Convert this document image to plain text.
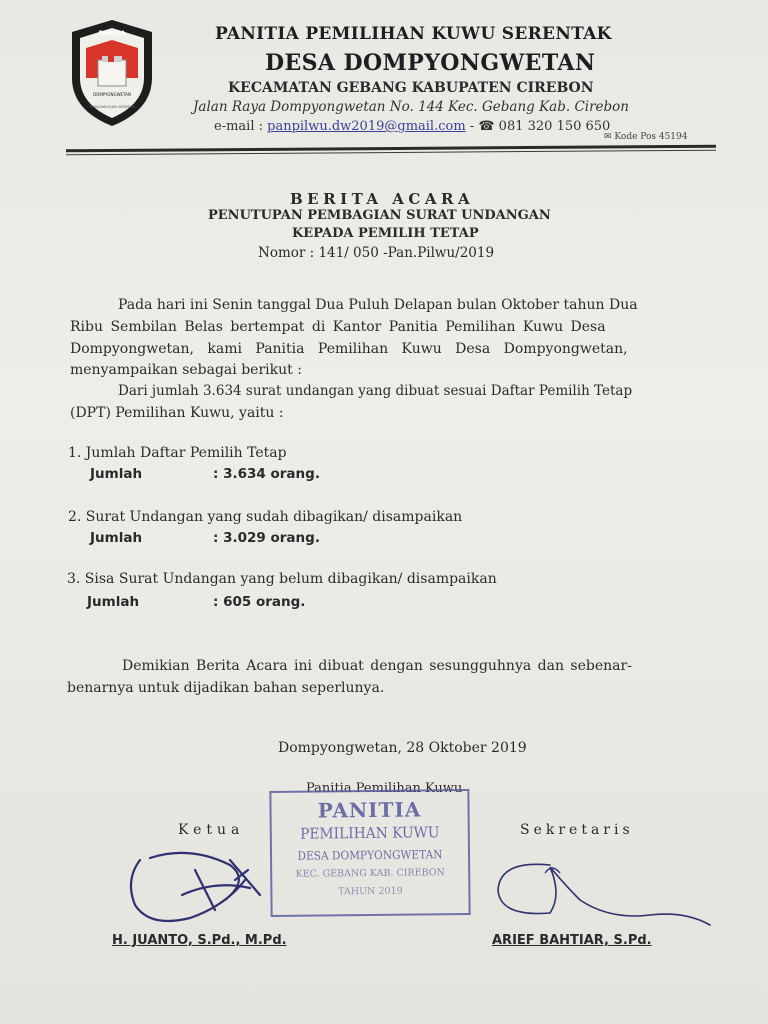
PANITIA
DOMPYONGWETAN
PEMILIHAN KUWU SERENTAK
PANITIA PEMILIHAN KUWU SERENTAK
DESA DOMPYONGWETAN
KECAMATAN GEBANG KABUPATEN CIREBON
Jalan Raya Dompyongwetan No. 144 Kec. Gebang Kab. Cirebon
e-mail : panpilwu.dw2019@gmail.com - ☎ 081 320 150 650
✉ Kode Pos 45194
BERITA ACARA
PENUTUPAN PEMBAGIAN SURAT UNDANGAN
KEPADA PEMILIH TETAP
Nomor : 141/ 050 -Pan.Pilwu/2019
Pada hari ini Senin tanggal Dua Puluh Delapan bulan Oktober tahun Dua
Ribu Sembilan Belas bertempat di Kantor Panitia Pemilihan Kuwu Desa
Dompyongwetan, kami Panitia Pemilihan Kuwu Desa Dompyongwetan,
menyampaikan sebagai berikut :
Dari jumlah 3.634 surat undangan yang dibuat sesuai Daftar Pemilih Tetap
(DPT) Pemilihan Kuwu, yaitu :
1. Jumlah Daftar Pemilih Tetap
Jumlah	: 3.634 orang.
2. Surat Undangan yang sudah dibagikan/ disampaikan
Jumlah	: 3.029 orang.
3. Sisa Surat Undangan yang belum dibagikan/ disampaikan
Jumlah	: 605 orang.
Demikian Berita Acara ini dibuat dengan sesungguhnya dan sebenar-
benarnya untuk dijadikan bahan seperlunya.
Dompyongwetan, 28 Oktober 2019
Panitia Pemilihan Kuwu
Ketua	Sekretaris
PANITIA
PEMILIHAN KUWU
DESA DOMPYONGWETAN
KEC. GEBANG KAB. CIREBON
TAHUN 2019
H. JUANTO, S.Pd., M.Pd.	ARIEF BAHTIAR, S.Pd.
